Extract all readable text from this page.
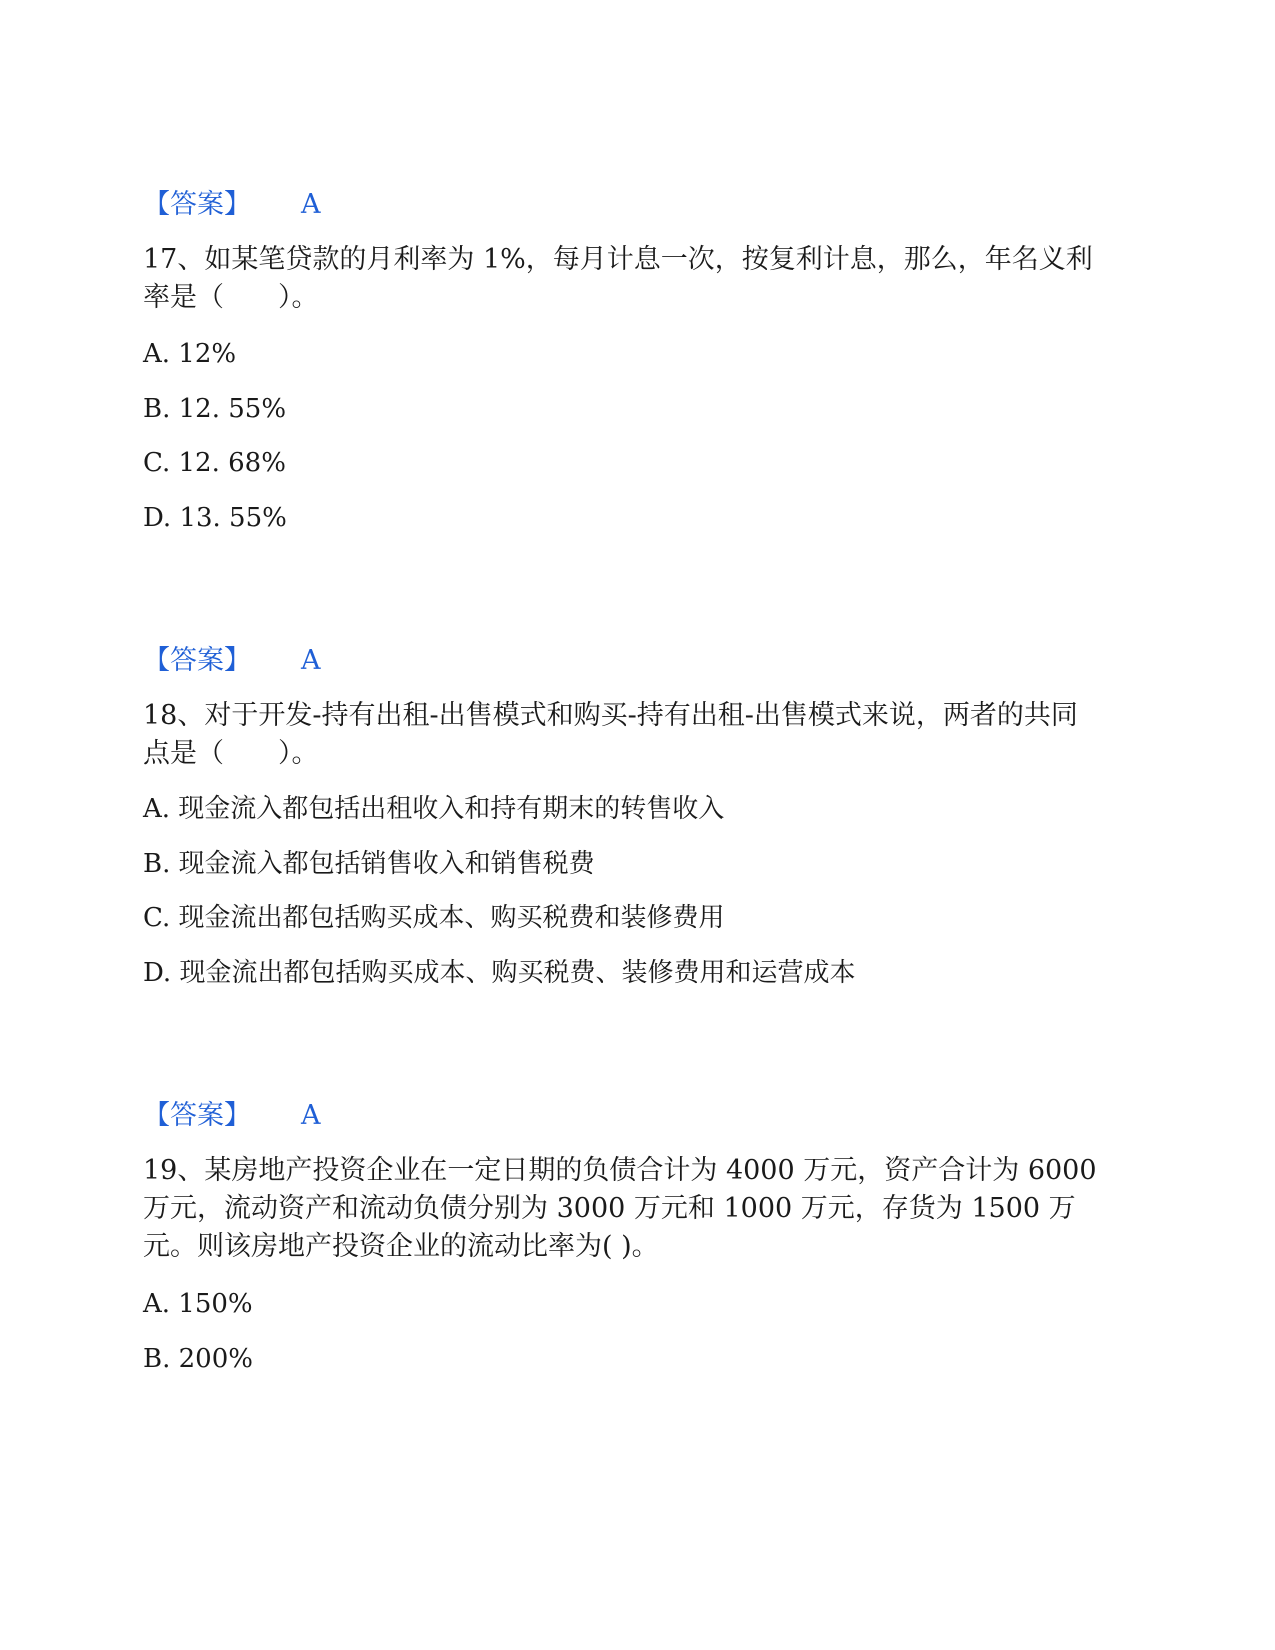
【答案】 A
17、如某笔贷款的月利率为 1%，每月计息一次，按复利计息，那么，年名义利率是（　　）。
A. 12%
B. 12. 55%
C. 12. 68%
D. 13. 55%
【答案】 A
18、对于开发-持有出租-出售模式和购买-持有出租-出售模式来说，两者的共同点是（　　）。
A. 现金流入都包括出租收入和持有期末的转售收入
B. 现金流入都包括销售收入和销售税费
C. 现金流出都包括购买成本、购买税费和装修费用
D. 现金流出都包括购买成本、购买税费、装修费用和运营成本
【答案】 A
19、某房地产投资企业在一定日期的负债合计为 4000 万元，资产合计为 6000 万元，流动资产和流动负债分别为 3000 万元和 1000 万元，存货为 1500 万元。则该房地产投资企业的流动比率为( )。
A. 150%
B. 200%
